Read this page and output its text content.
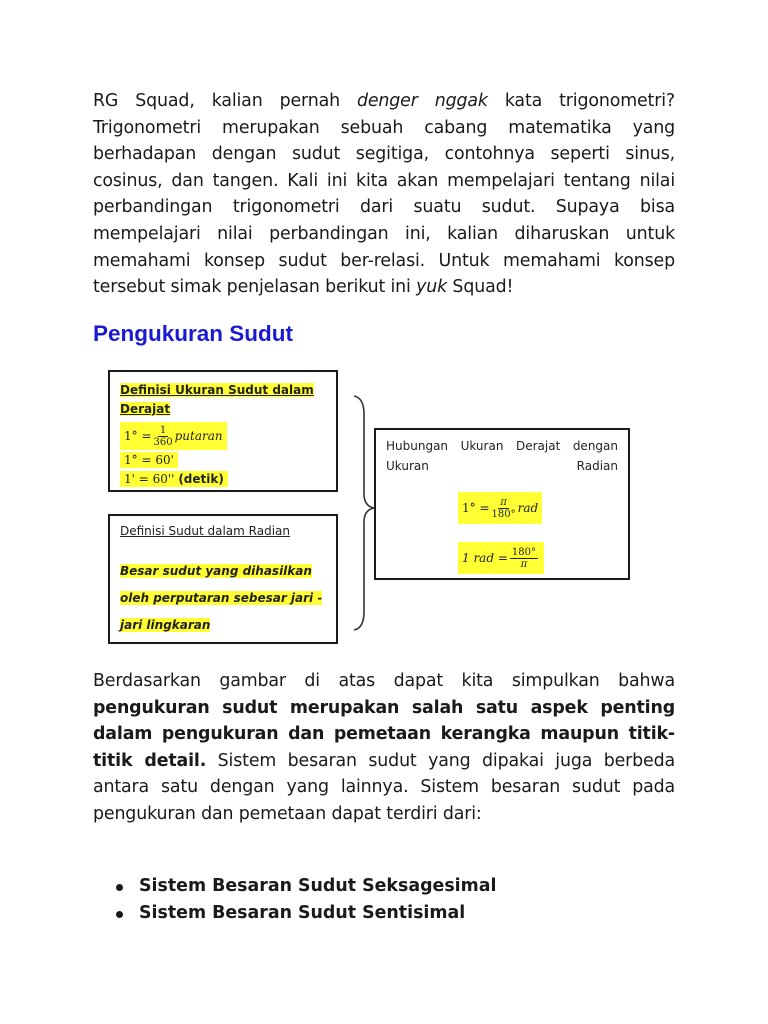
RG Squad, kalian pernah denger nggak kata trigonometri? Trigonometri merupakan sebuah cabang matematika yang berhadapan dengan sudut segitiga, contohnya seperti sinus, cosinus, dan tangen. Kali ini kita akan mempelajari tentang nilai perbandingan trigonometri dari suatu sudut. Supaya bisa mempelajari nilai perbandingan ini, kalian diharuskan untuk memahami konsep sudut ber-relasi. Untuk memahami konsep tersebut simak penjelasan berikut ini yuk Squad!

Pengukuran Sudut
Definisi Ukuran Sudut dalam Derajat
$1^\circ = \frac{1}{360}$ putaran
1° = 60'
1' = 60'' (detik)
Definisi Sudut dalam Radian
Besar sudut yang dihasilkan oleh perputaran sebesar jari - jari lingkaran
Hubungan Ukuran Derajat dengan Ukuran Radian
$1^\circ = \frac{\pi}{180^\circ}$ rad
1 rad = $\frac{180^\circ}{\pi}$

Berdasarkan gambar di atas dapat kita simpulkan bahwa pengukuran sudut merupakan salah satu aspek penting dalam pengukuran dan pemetaan kerangka maupun titik-titik detail. Sistem besaran sudut yang dipakai juga berbeda antara satu dengan yang lainnya. Sistem besaran sudut pada pengukuran dan pemetaan dapat terdiri dari:

Sistem Besaran Sudut Seksagesimal
Sistem Besaran Sudut Sentisimal
